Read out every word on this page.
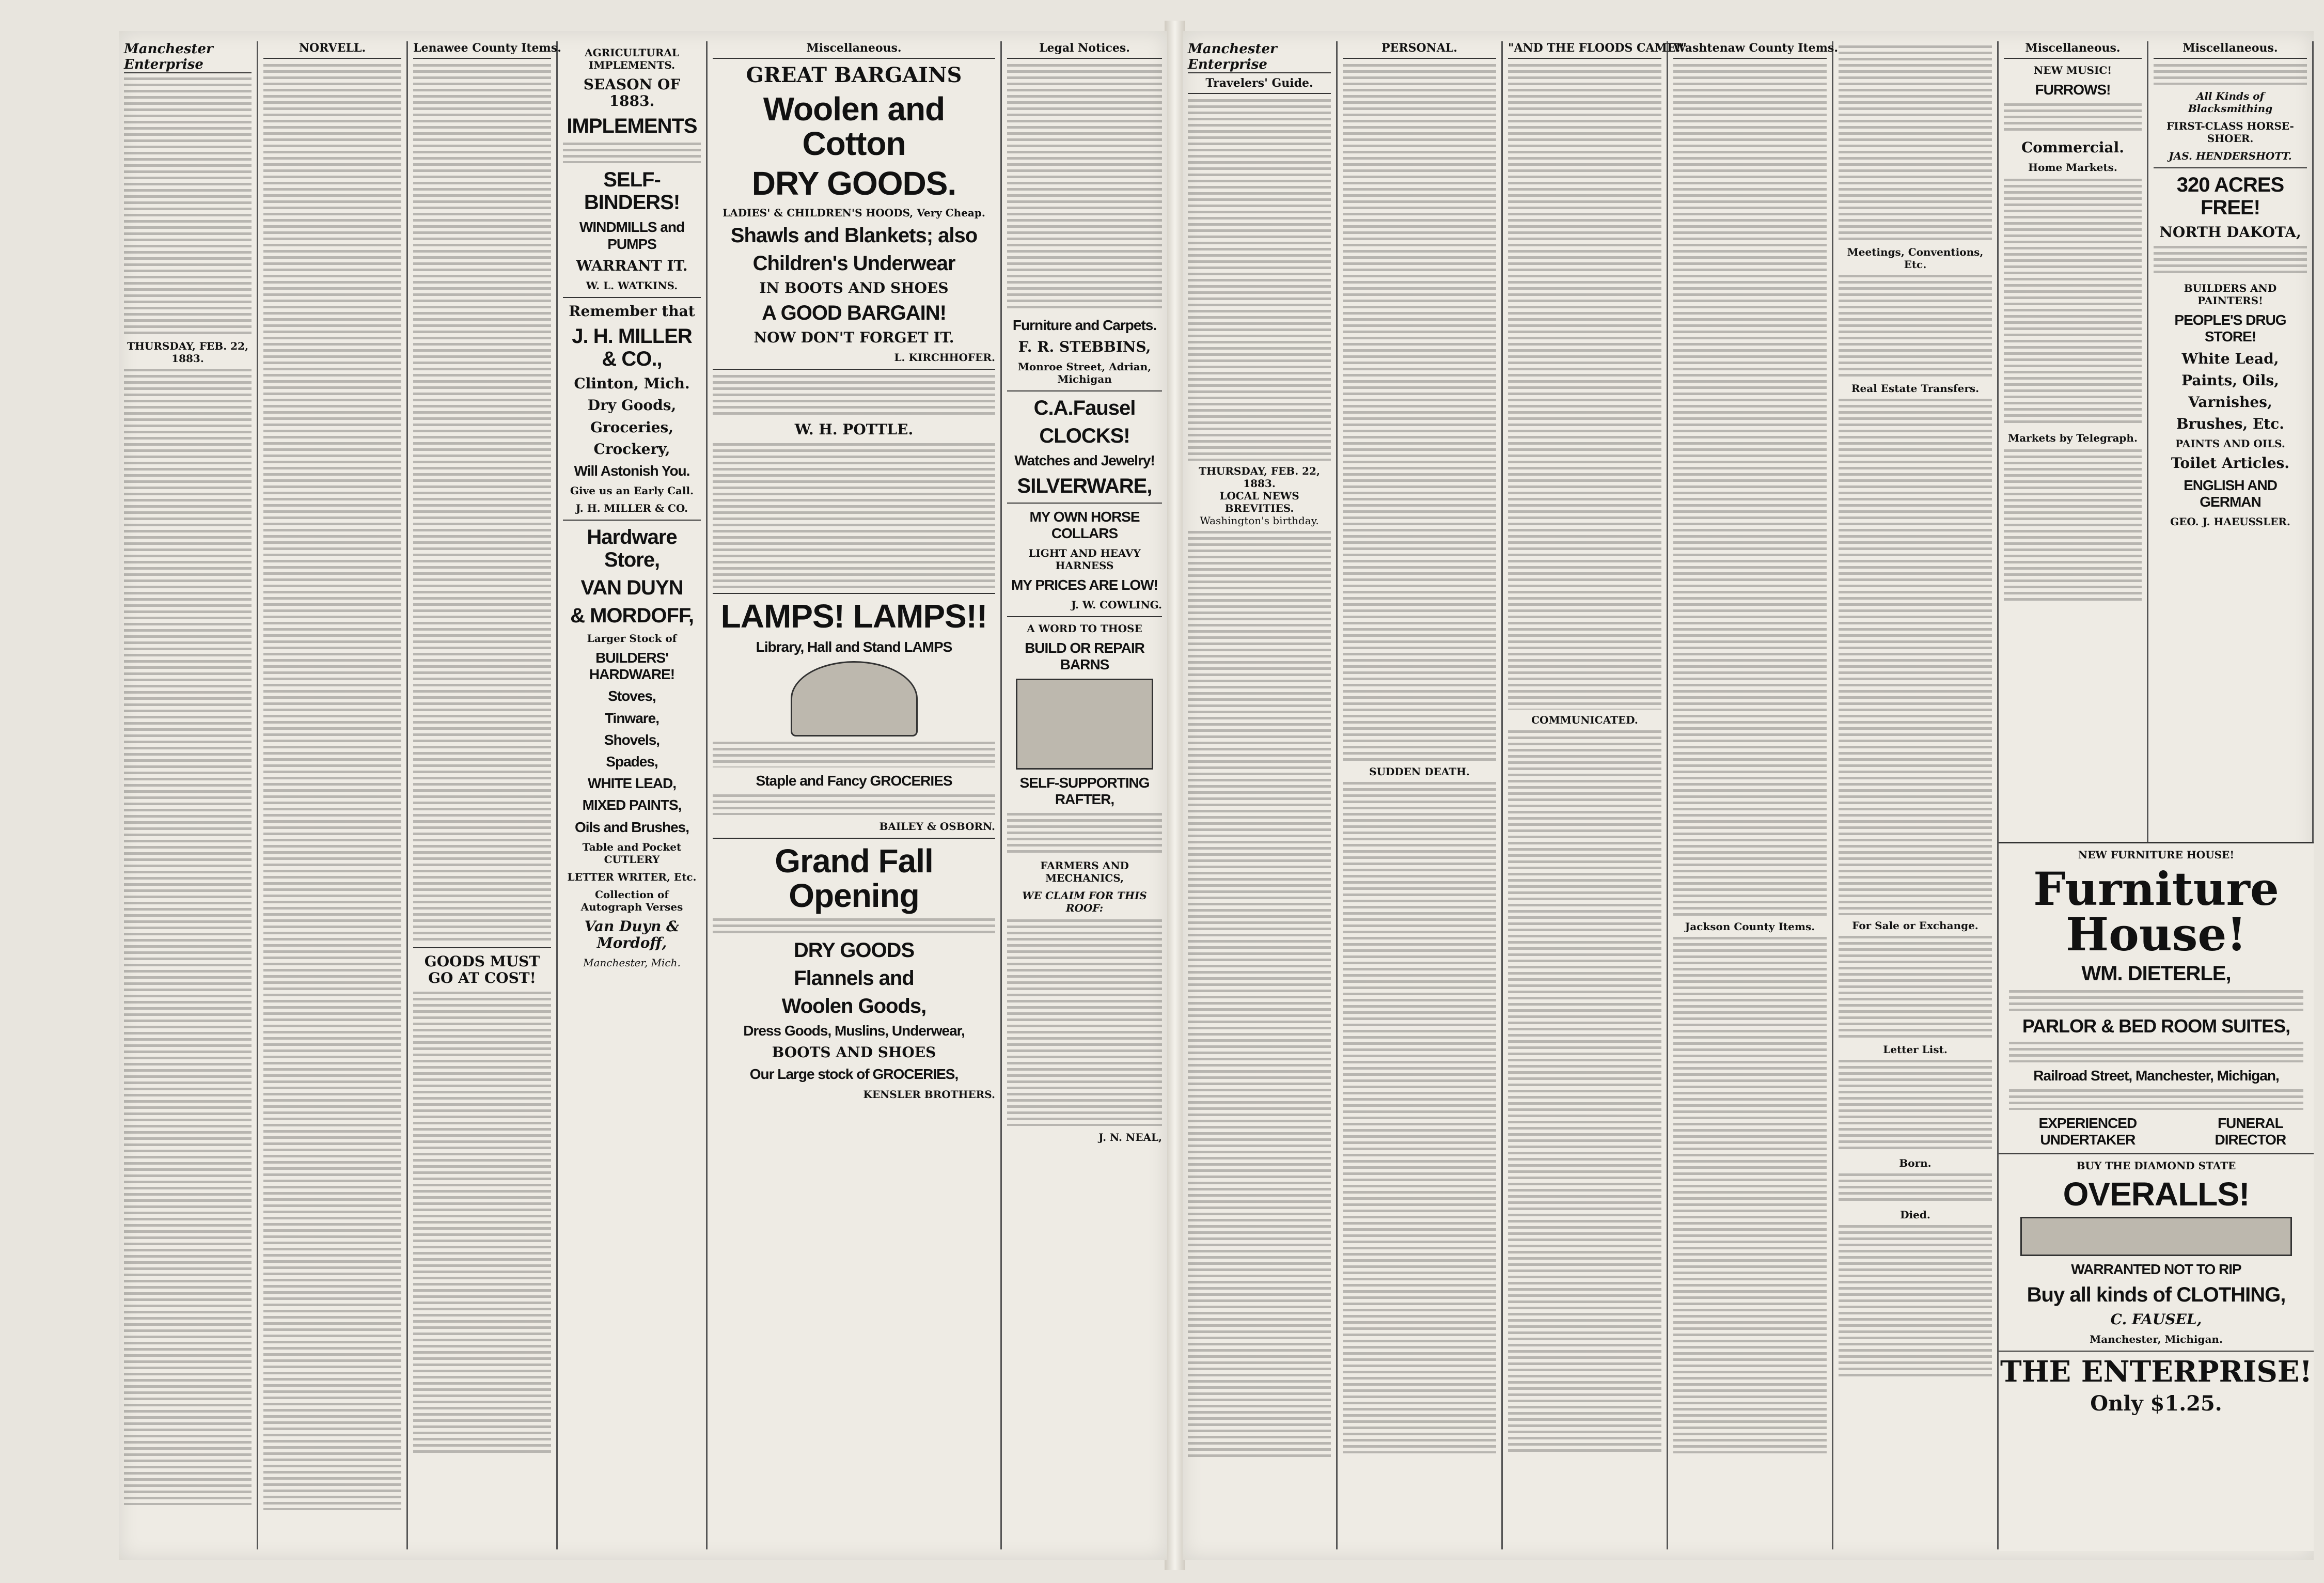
Manchester Enterprise
THURSDAY, FEB. 22, 1883.
NORVELL.	Lenawee County Items.
GOODS MUST GO AT COST!
AGRICULTURAL IMPLEMENTS.
SEASON OF 1883.
IMPLEMENTS
SELF-BINDERS!
WINDMILLS and PUMPS
WARRANT IT.
W. L. WATKINS.
Remember that
J. H. MILLER & CO.,
Clinton, Mich.
Dry Goods,
Groceries,
Crockery,
Will Astonish You.
Give us an Early Call.
J. H. MILLER & CO.
Hardware Store,
VAN DUYN
& MORDOFF,
Larger Stock of
BUILDERS' HARDWARE!
Stoves,
Tinware,
Shovels,
Spades,
WHITE LEAD,
MIXED PAINTS,
Oils and Brushes,
Table and Pocket CUTLERY
LETTER WRITER, Etc.
Collection of Autograph Verses
Van Duyn & Mordoff,
Manchester, Mich.
Miscellaneous.
GREAT BARGAINS
Woolen and Cotton
DRY GOODS.
LADIES' & CHILDREN'S HOODS, Very Cheap.
Shawls and Blankets; also
Children's Underwear
IN BOOTS AND SHOES
A GOOD BARGAIN!
NOW DON'T FORGET IT.
L. KIRCHHOFER.
W. H. POTTLE.
LAMPS! LAMPS!!
Library, Hall and Stand LAMPS
Staple and Fancy GROCERIES
BAILEY & OSBORN.
Grand Fall Opening
DRY GOODS
Flannels and
Woolen Goods,
Dress Goods, Muslins, Underwear,
BOOTS AND SHOES
Our Large stock of GROCERIES,
KENSLER BROTHERS.
Legal Notices.
Furniture and Carpets.
F. R. STEBBINS,
Monroe Street, Adrian, Michigan
C.A.Fausel
CLOCKS!
Watches and Jewelry!
SILVERWARE,
MY OWN HORSE COLLARS
LIGHT AND HEAVY HARNESS
MY PRICES ARE LOW!
J. W. COWLING.
A WORD TO THOSE
BUILD OR REPAIR BARNS
SELF-SUPPORTING RAFTER,
FARMERS AND MECHANICS,
WE CLAIM FOR THIS ROOF:
J. N. NEAL,
Manchester Enterprise
Travelers' Guide.
THURSDAY, FEB. 22, 1883.
LOCAL NEWS BREVITIES.
Washington's birthday.
PERSONAL.
SUDDEN DEATH.
"AND THE FLOODS CAME!"
COMMUNICATED.
Washtenaw County Items.
Jackson County Items.
Meetings, Conventions, Etc.
Real Estate Transfers.
For Sale or Exchange.
Letter List.
Born.
Died.
Miscellaneous.
NEW MUSIC!
FURROWS!
Commercial.
Home Markets.
Markets by Telegraph.
Miscellaneous.
All Kinds of Blacksmithing
FIRST-CLASS HORSE-SHOER.
JAS. HENDERSHOTT.
320 ACRES FREE!
NORTH DAKOTA,
BUILDERS AND PAINTERS!
PEOPLE'S DRUG STORE!
White Lead,
Paints, Oils,
Varnishes,
Brushes, Etc.
PAINTS AND OILS.
Toilet Articles.
ENGLISH AND GERMAN
GEO. J. HAEUSSLER.
NEW FURNITURE HOUSE!
Furniture House!
WM. DIETERLE,
PARLOR & BED ROOM SUITES,
Railroad Street, Manchester, Michigan,
EXPERIENCED UNDERTAKER
FUNERAL DIRECTOR
BUY THE DIAMOND STATE
OVERALLS!
WARRANTED NOT TO RIP
Buy all kinds of CLOTHING,
C. FAUSEL,
Manchester, Michigan.
THE ENTERPRISE!
Only $1.25.
